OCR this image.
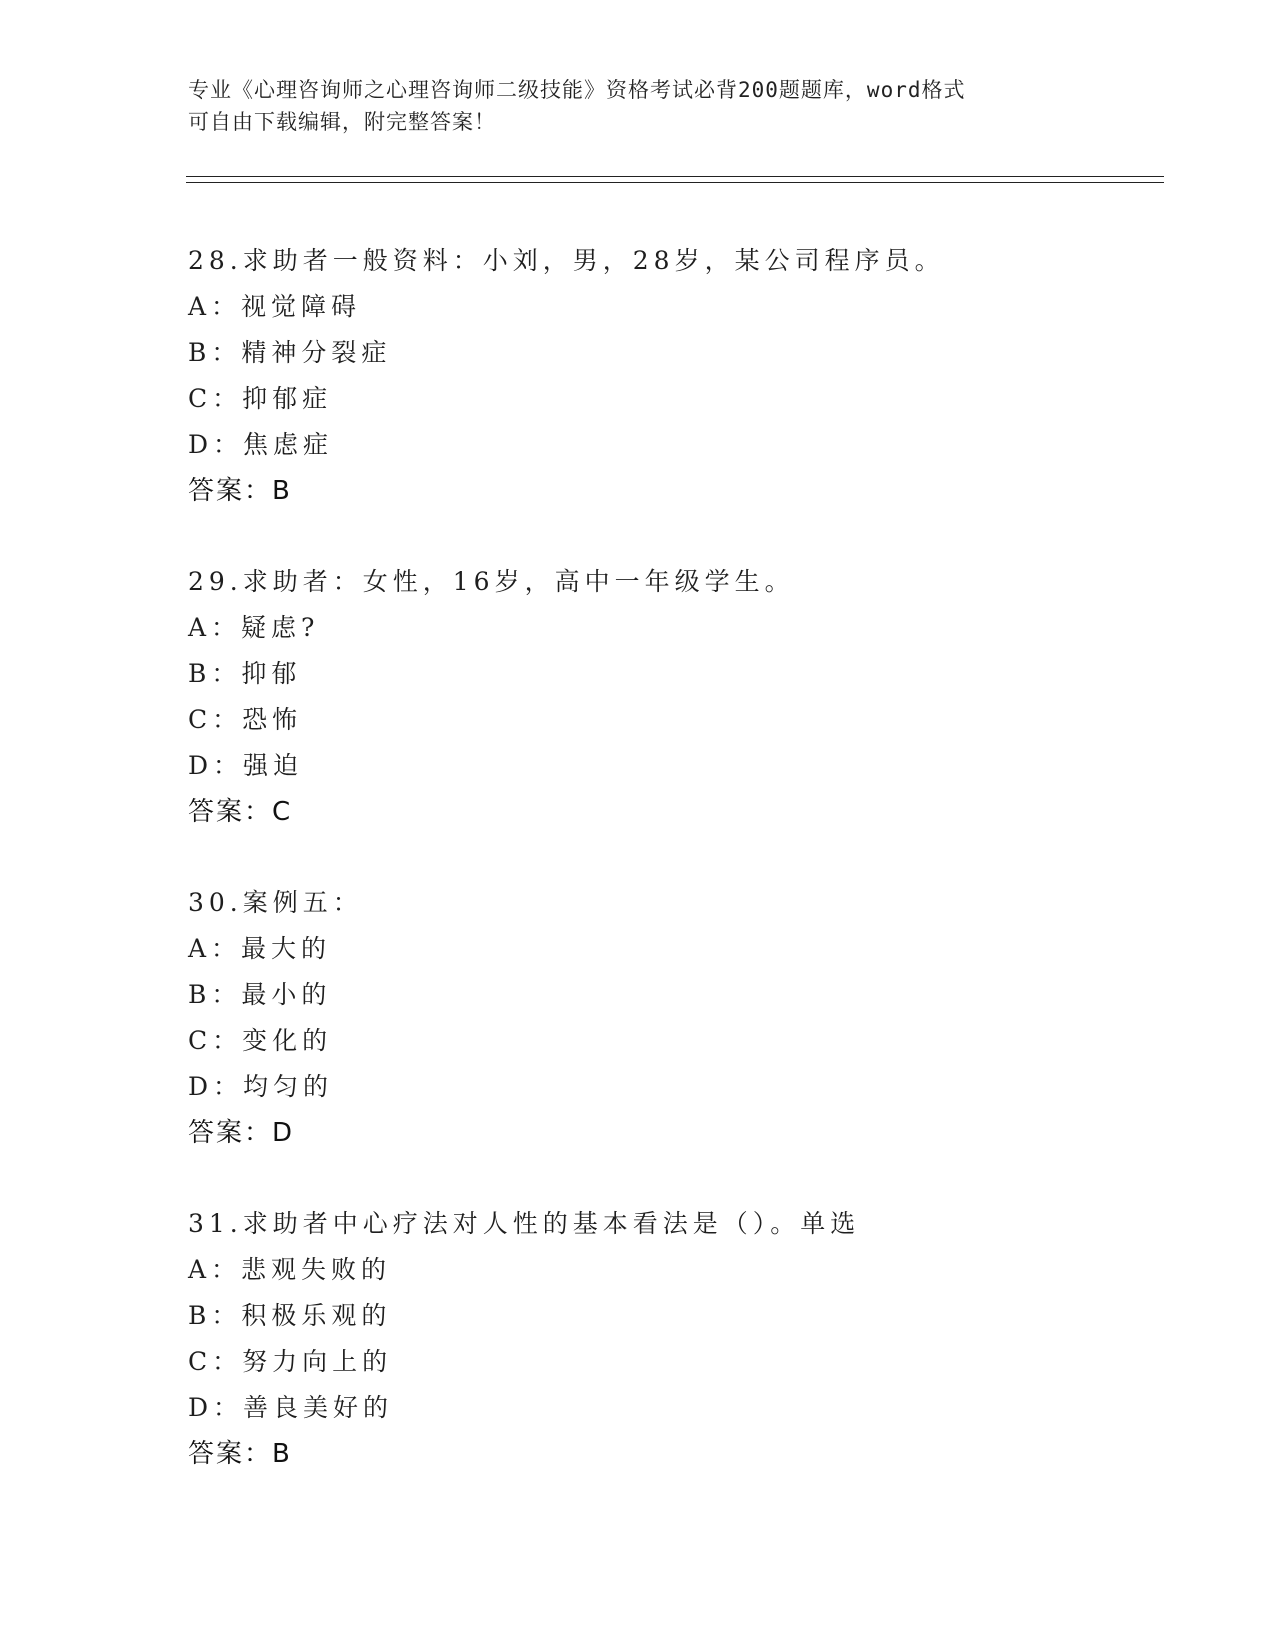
专业《心理咨询师之心理咨询师二级技能》资格考试必背200题题库，word格式
可自由下载编辑，附完整答案！
28.求助者一般资料：小刘，男，28岁，某公司程序员。
A：视觉障碍
B：精神分裂症
C：抑郁症
D：焦虑症
答案：B
29.求助者：女性，16岁，高中一年级学生。
A：疑虑?
B：抑郁
C：恐怖
D：强迫
答案：C
30.案例五：
A：最大的
B：最小的
C：变化的
D：均匀的
答案：D
31.求助者中心疗法对人性的基本看法是（）。单选
A：悲观失败的
B：积极乐观的
C：努力向上的
D：善良美好的
答案：B
